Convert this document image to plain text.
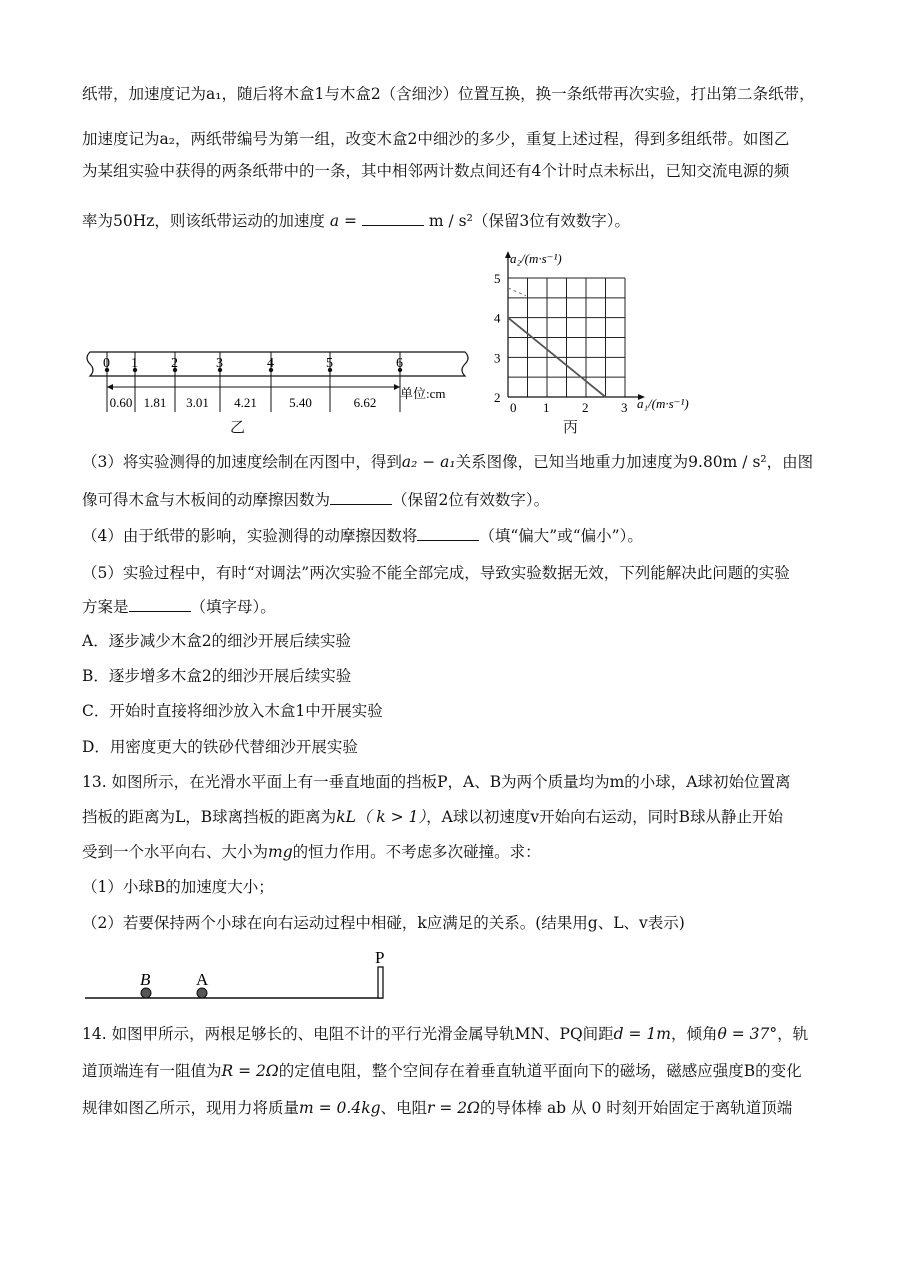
纸带，加速度记为a₁，随后将木盒1与木盒2（含细沙）位置互换，换一条纸带再次实验，打出第二条纸带，
加速度记为a₂，两纸带编号为第一组，改变木盒2中细沙的多少，重复上述过程，得到多组纸带。如图乙
为某组实验中获得的两条纸带中的一条，其中相邻两计数点间还有4个计时点未标出，已知交流电源的频
率为50Hz，则该纸带运动的加速度 a =	m / s²（保留3位有效数字）。
0 1 2	3	4	5	6
0.60 1.81 3.01 4.21 5.40	6.62
单位:cm
乙
5
4
3
2
0 1	2	3
a₂/(m·s⁻¹)
a₁/(m·s⁻¹)
丙
（3）将实验测得的加速度绘制在丙图中，得到a₂ − a₁关系图像，已知当地重力加速度为9.80m / s²，由图
像可得木盒与木板间的动摩擦因数为	（保留2位有效数字）。
（4）由于纸带的影响，实验测得的动摩擦因数将	（填“偏大”或“偏小”）。
（5）实验过程中，有时“对调法”两次实验不能全部完成，导致实验数据无效，下列能解决此问题的实验
方案是	（填字母）。
A．逐步减少木盒2的细沙开展后续实验
B．逐步增多木盒2的细沙开展后续实验
C．开始时直接将细沙放入木盒1中开展实验
D．用密度更大的铁砂代替细沙开展实验
13. 如图所示，在光滑水平面上有一垂直地面的挡板P，A、B为两个质量均为m的小球，A球初始位置离
挡板的距离为L，B球离挡板的距离为kL（ k > 1），A球以初速度v开始向右运动，同时B球从静止开始
受到一个水平向右、大小为mg的恒力作用。不考虑多次碰撞。求：
（1）小球B的加速度大小；
（2）若要保持两个小球在向右运动过程中相碰，k应满足的关系。(结果用g、L、v表示)
B	A
P
14. 如图甲所示，两根足够长的、电阻不计的平行光滑金属导轨MN、PQ间距d = 1m，倾角θ = 37°，轨
道顶端连有一阻值为R = 2Ω的定值电阻，整个空间存在着垂直轨道平面向下的磁场，磁感应强度B的变化
规律如图乙所示，现用力将质量m = 0.4kg、电阻r = 2Ω的导体棒 ab 从 0 时刻开始固定于离轨道顶端
